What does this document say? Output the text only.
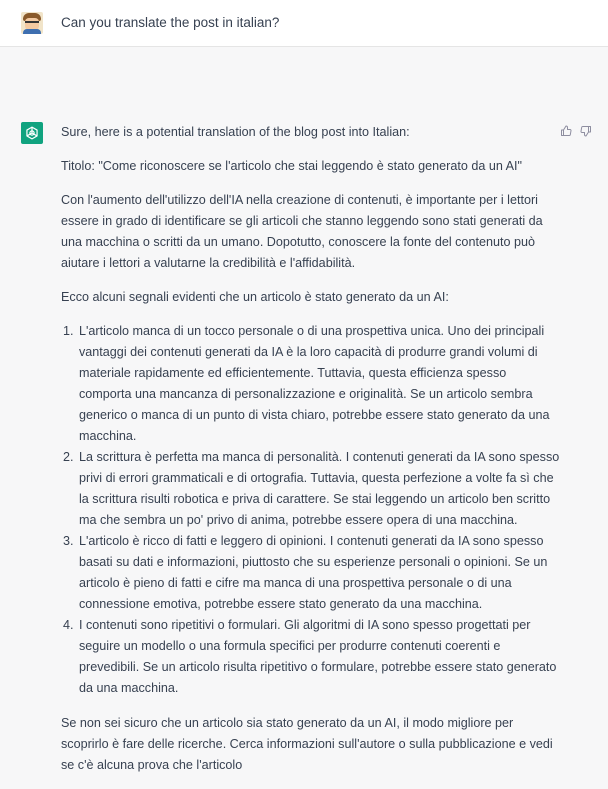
Can you translate the post in italian?

Sure, here is a potential translation of the blog post into Italian:

Titolo: "Come riconoscere se l'articolo che stai leggendo è stato generato da un AI"

Con l'aumento dell'utilizzo dell'IA nella creazione di contenuti, è importante per i lettori essere in grado di identificare se gli articoli che stanno leggendo sono stati generati da una macchina o scritti da un umano. Dopotutto, conoscere la fonte del contenuto può aiutare i lettori a valutarne la credibilità e l'affidabilità.

Ecco alcuni segnali evidenti che un articolo è stato generato da un AI:

1. L'articolo manca di un tocco personale o di una prospettiva unica. Uno dei principali vantaggi dei contenuti generati da IA è la loro capacità di produrre grandi volumi di materiale rapidamente ed efficientemente. Tuttavia, questa efficienza spesso comporta una mancanza di personalizzazione e originalità. Se un articolo sembra generico o manca di un punto di vista chiaro, potrebbe essere stato generato da una macchina.
2. La scrittura è perfetta ma manca di personalità. I contenuti generati da IA sono spesso privi di errori grammaticali e di ortografia. Tuttavia, questa perfezione a volte fa sì che la scrittura risulti robotica e priva di carattere. Se stai leggendo un articolo ben scritto ma che sembra un po' privo di anima, potrebbe essere opera di una macchina.
3. L'articolo è ricco di fatti e leggero di opinioni. I contenuti generati da IA sono spesso basati su dati e informazioni, piuttosto che su esperienze personali o opinioni. Se un articolo è pieno di fatti e cifre ma manca di una prospettiva personale o di una connessione emotiva, potrebbe essere stato generato da una macchina.
4. I contenuti sono ripetitivi o formulari. Gli algoritmi di IA sono spesso progettati per seguire un modello o una formula specifici per produrre contenuti coerenti e prevedibili. Se un articolo risulta ripetitivo o formulare, potrebbe essere stato generato da una macchina.

Se non sei sicuro che un articolo sia stato generato da un AI, il modo migliore per scoprirlo è fare delle ricerche. Cerca informazioni sull'autore o sulla pubblicazione e vedi se c'è alcuna prova che l'articolo
